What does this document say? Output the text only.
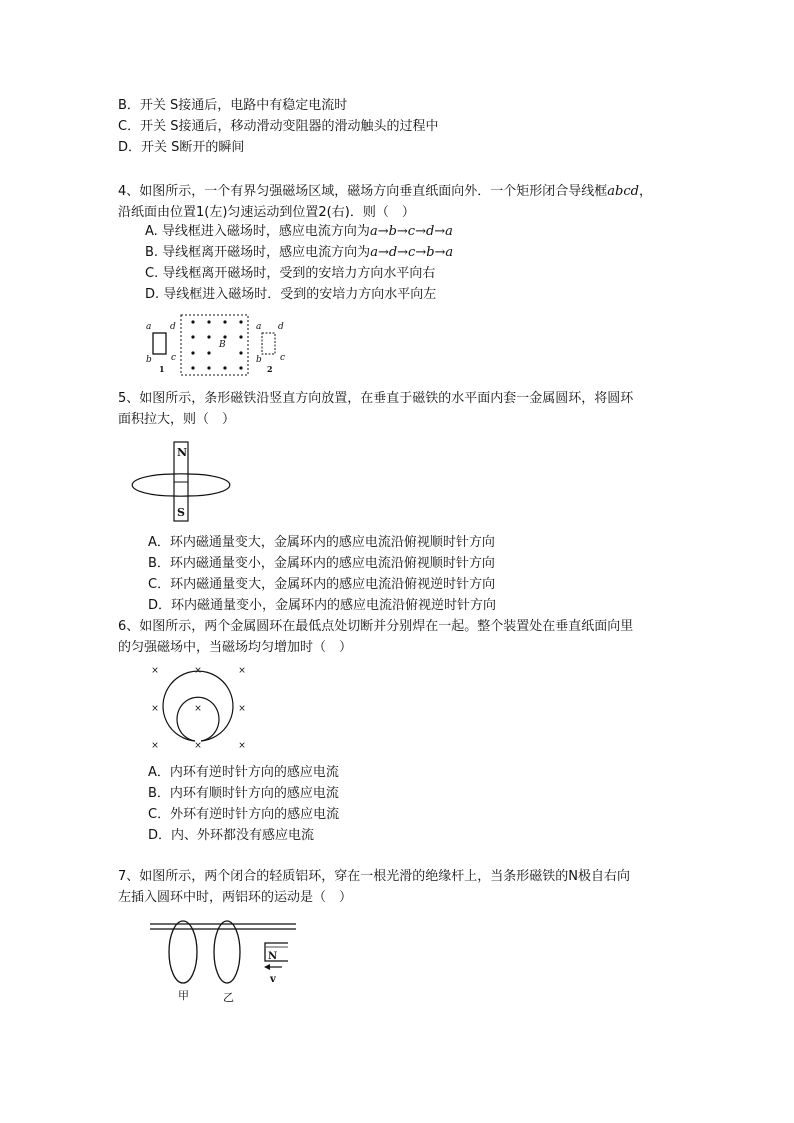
B．开关 S接通后，电路中有稳定电流时
C．开关 S接通后，移动滑动变阻器的滑动触头的过程中
D．开关 S断开的瞬间
4、如图所示，一个有界匀强磁场区域，磁场方向垂直纸面向外．一个矩形闭合导线框abcd，
沿纸面由位置1(左)匀速运动到位置2(右)．则（　）
A. 导线框进入磁场时，感应电流方向为a→b→c→d→a
B. 导线框离开磁场时，感应电流方向为a→d→c→b→a
C. 导线框离开磁场时，受到的安培力方向水平向右
D. 导线框进入磁场时．受到的安培力方向水平向左
a d
b c
1
B
a d
b c
2
5、如图所示，条形磁铁沿竖直方向放置，在垂直于磁铁的水平面内套一金属圆环，将圆环
面积拉大，则（　）
N
S
A．环内磁通量变大，金属环内的感应电流沿俯视顺时针方向
B．环内磁通量变小，金属环内的感应电流沿俯视顺时针方向
C．环内磁通量变大，金属环内的感应电流沿俯视逆时针方向
D．环内磁通量变小，金属环内的感应电流沿俯视逆时针方向
6、如图所示，两个金属圆环在最低点处切断并分别焊在一起。整个装置处在垂直纸面向里
的匀强磁场中，当磁场均匀增加时（　）
×	×	×
×	×	×
×	×	×
A．内环有逆时针方向的感应电流
B．内环有顺时针方向的感应电流
C．外环有逆时针方向的感应电流
D．内、外环都没有感应电流
7、如图所示，两个闭合的轻质铝环，穿在一根光滑的绝缘杆上，当条形磁铁的N极自右向
左插入圆环中时，两铝环的运动是（　）
N
v
甲	乙
